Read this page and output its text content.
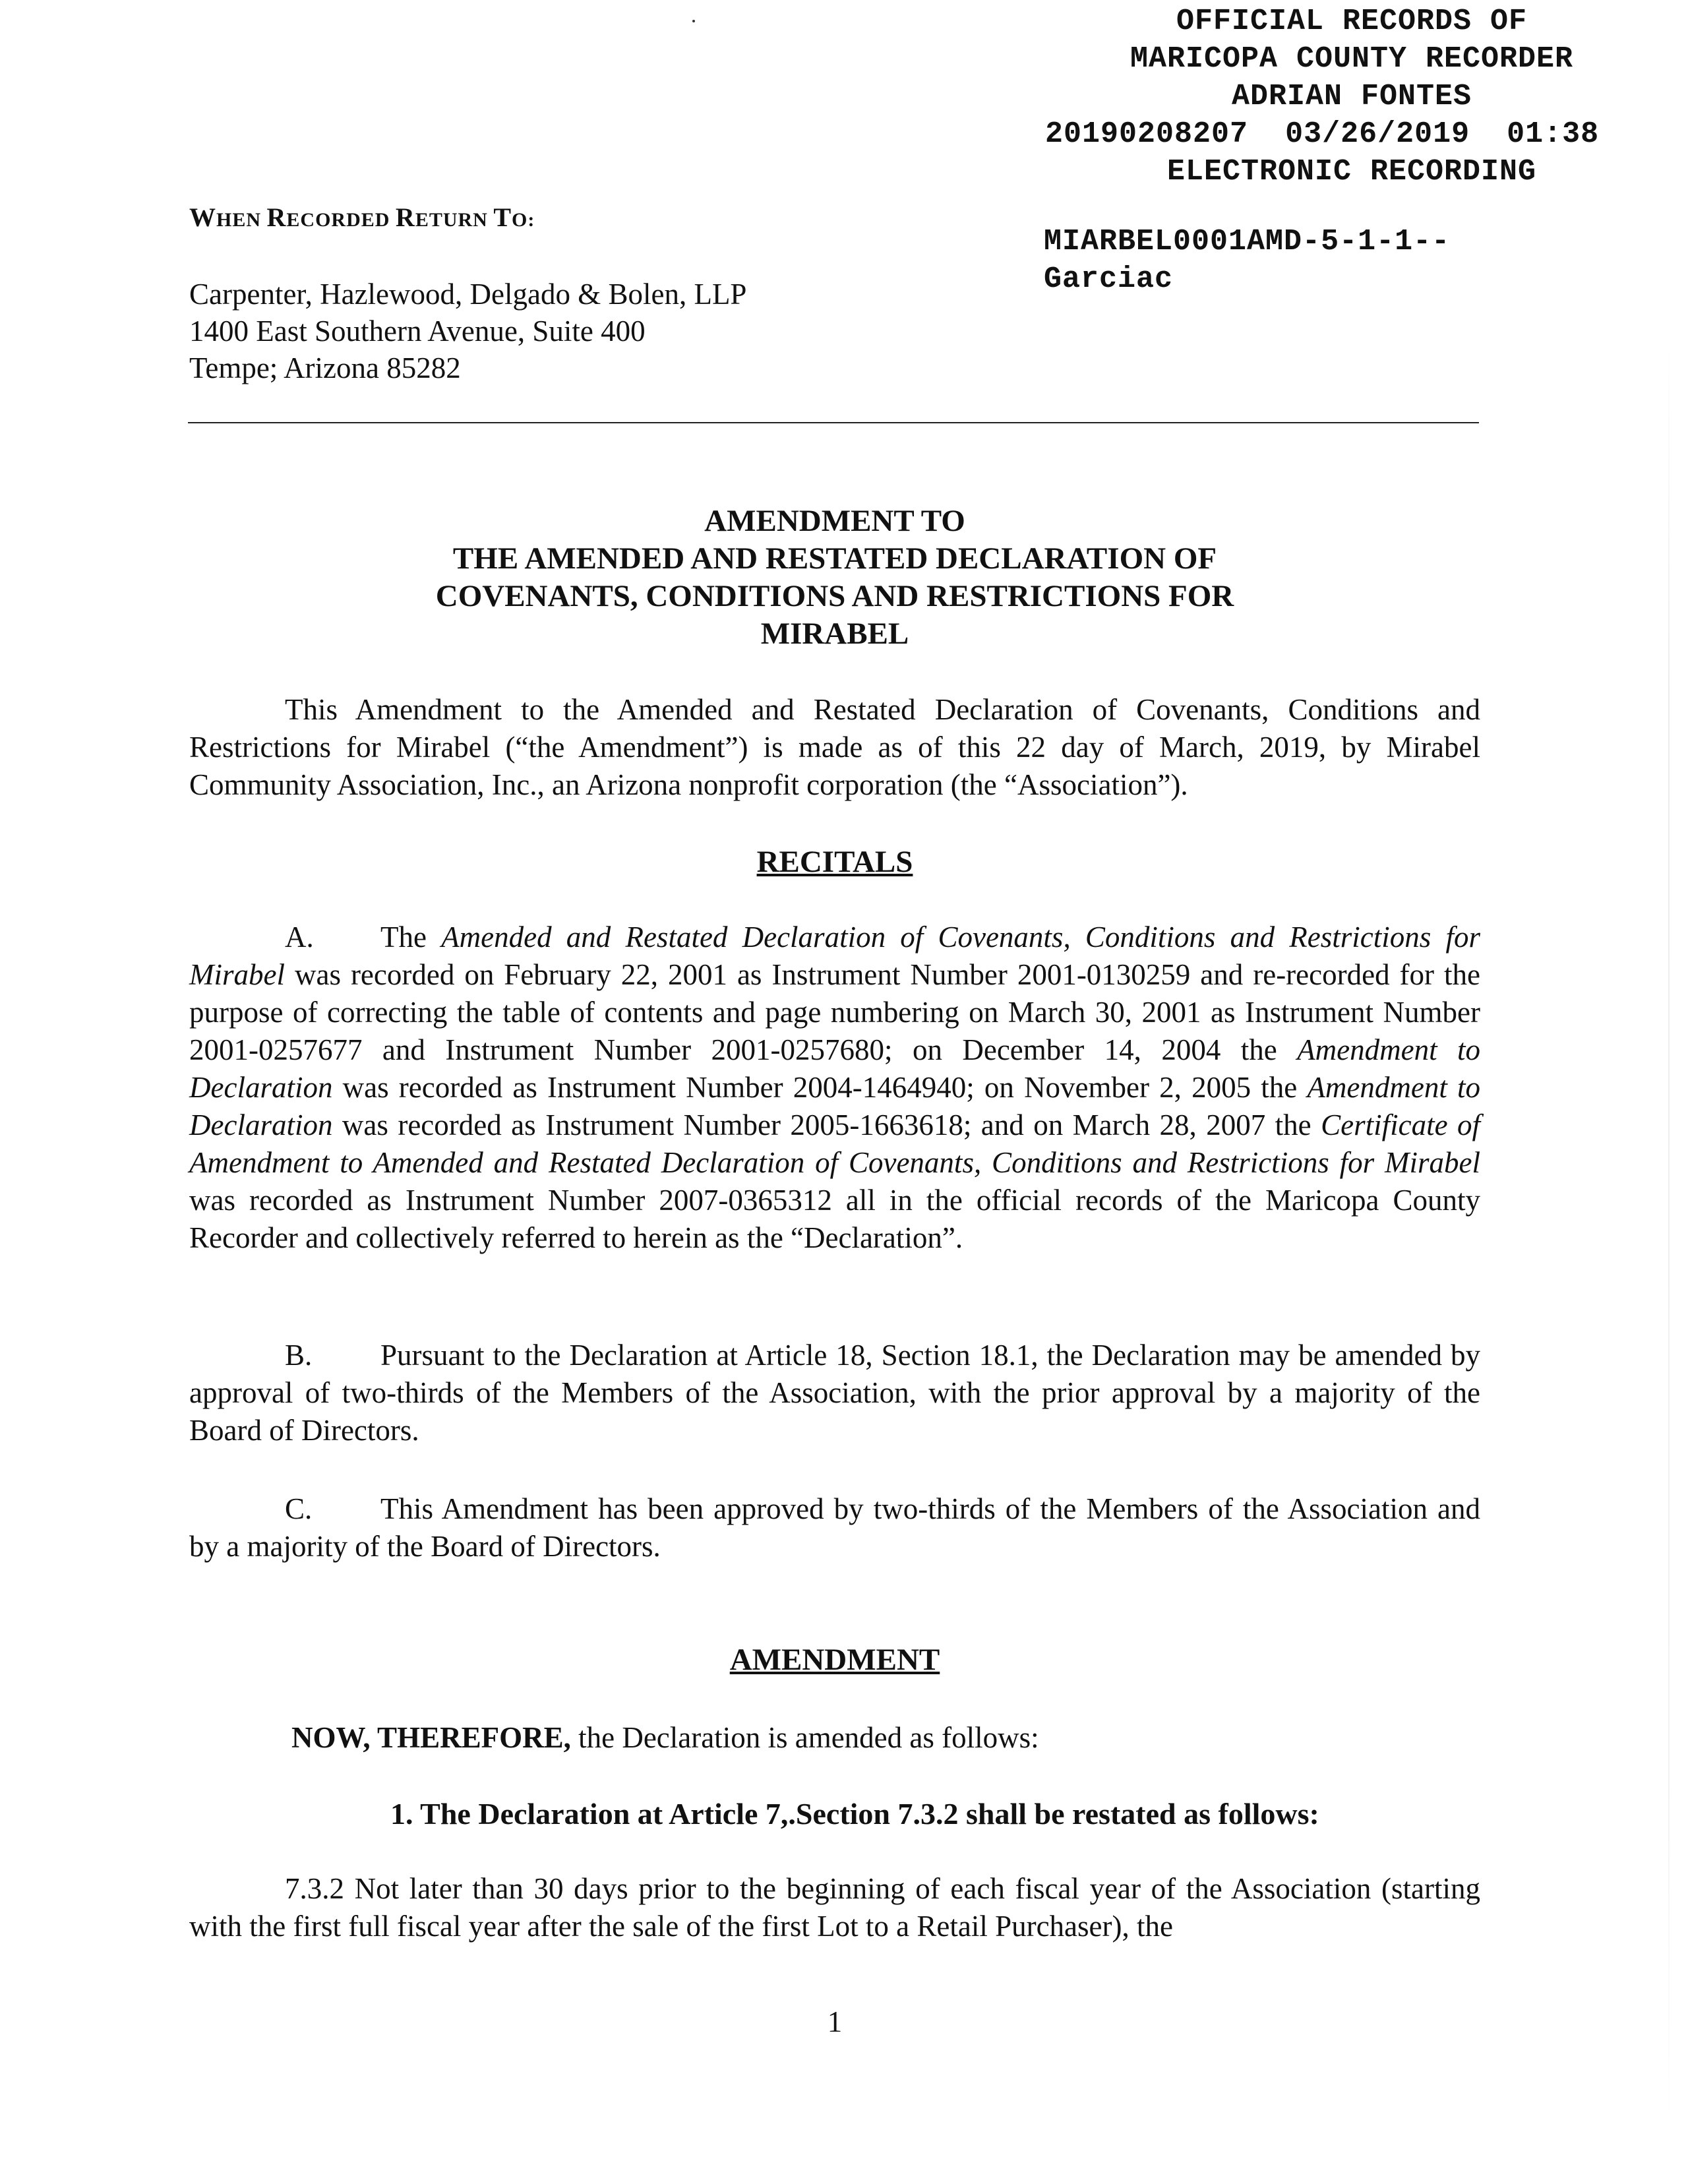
OFFICIAL RECORDS OF
MARICOPA COUNTY RECORDER
ADRIAN FONTES
20190208207 03/26/2019 01:38
ELECTRONIC RECORDING
MIARBEL0001AMD-5-1-1--
Garciac
WHEN RECORDED RETURN TO:
Carpenter, Hazlewood, Delgado & Bolen, LLP
1400 East Southern Avenue, Suite 400
Tempe; Arizona 85282
AMENDMENT TO
THE AMENDED AND RESTATED DECLARATION OF
COVENANTS, CONDITIONS AND RESTRICTIONS FOR
MIRABEL

This Amendment to the Amended and Restated Declaration of Covenants, Conditions and Restrictions for Mirabel (“the Amendment”) is made as of this 22 day of March, 2019, by Mirabel Community Association, Inc., an Arizona nonprofit corporation (the “Association”).

RECITALS

A. The Amended and Restated Declaration of Covenants, Conditions and Restrictions for Mirabel was recorded on February 22, 2001 as Instrument Number 2001-0130259 and re-recorded for the purpose of correcting the table of contents and page numbering on March 30, 2001 as Instrument Number 2001-0257677 and Instrument Number 2001-0257680; on December 14, 2004 the Amendment to Declaration was recorded as Instrument Number 2004-1464940; on November 2, 2005 the Amendment to Declaration was recorded as Instrument Number 2005-1663618; and on March 28, 2007 the Certificate of Amendment to Amended and Restated Declaration of Covenants, Conditions and Restrictions for Mirabel was recorded as Instrument Number 2007-0365312 all in the official records of the Maricopa County Recorder and collectively referred to herein as the “Declaration”.

B. Pursuant to the Declaration at Article 18, Section 18.1, the Declaration may be amended by approval of two-thirds of the Members of the Association, with the prior approval by a majority of the Board of Directors.

C. This Amendment has been approved by two-thirds of the Members of the Association and by a majority of the Board of Directors.

AMENDMENT

NOW, THEREFORE, the Declaration is amended as follows:

1. The Declaration at Article 7,.Section 7.3.2 shall be restated as follows:

7.3.2 Not later than 30 days prior to the beginning of each fiscal year of the Association (starting with the first full fiscal year after the sale of the first Lot to a Retail Purchaser), the

1
